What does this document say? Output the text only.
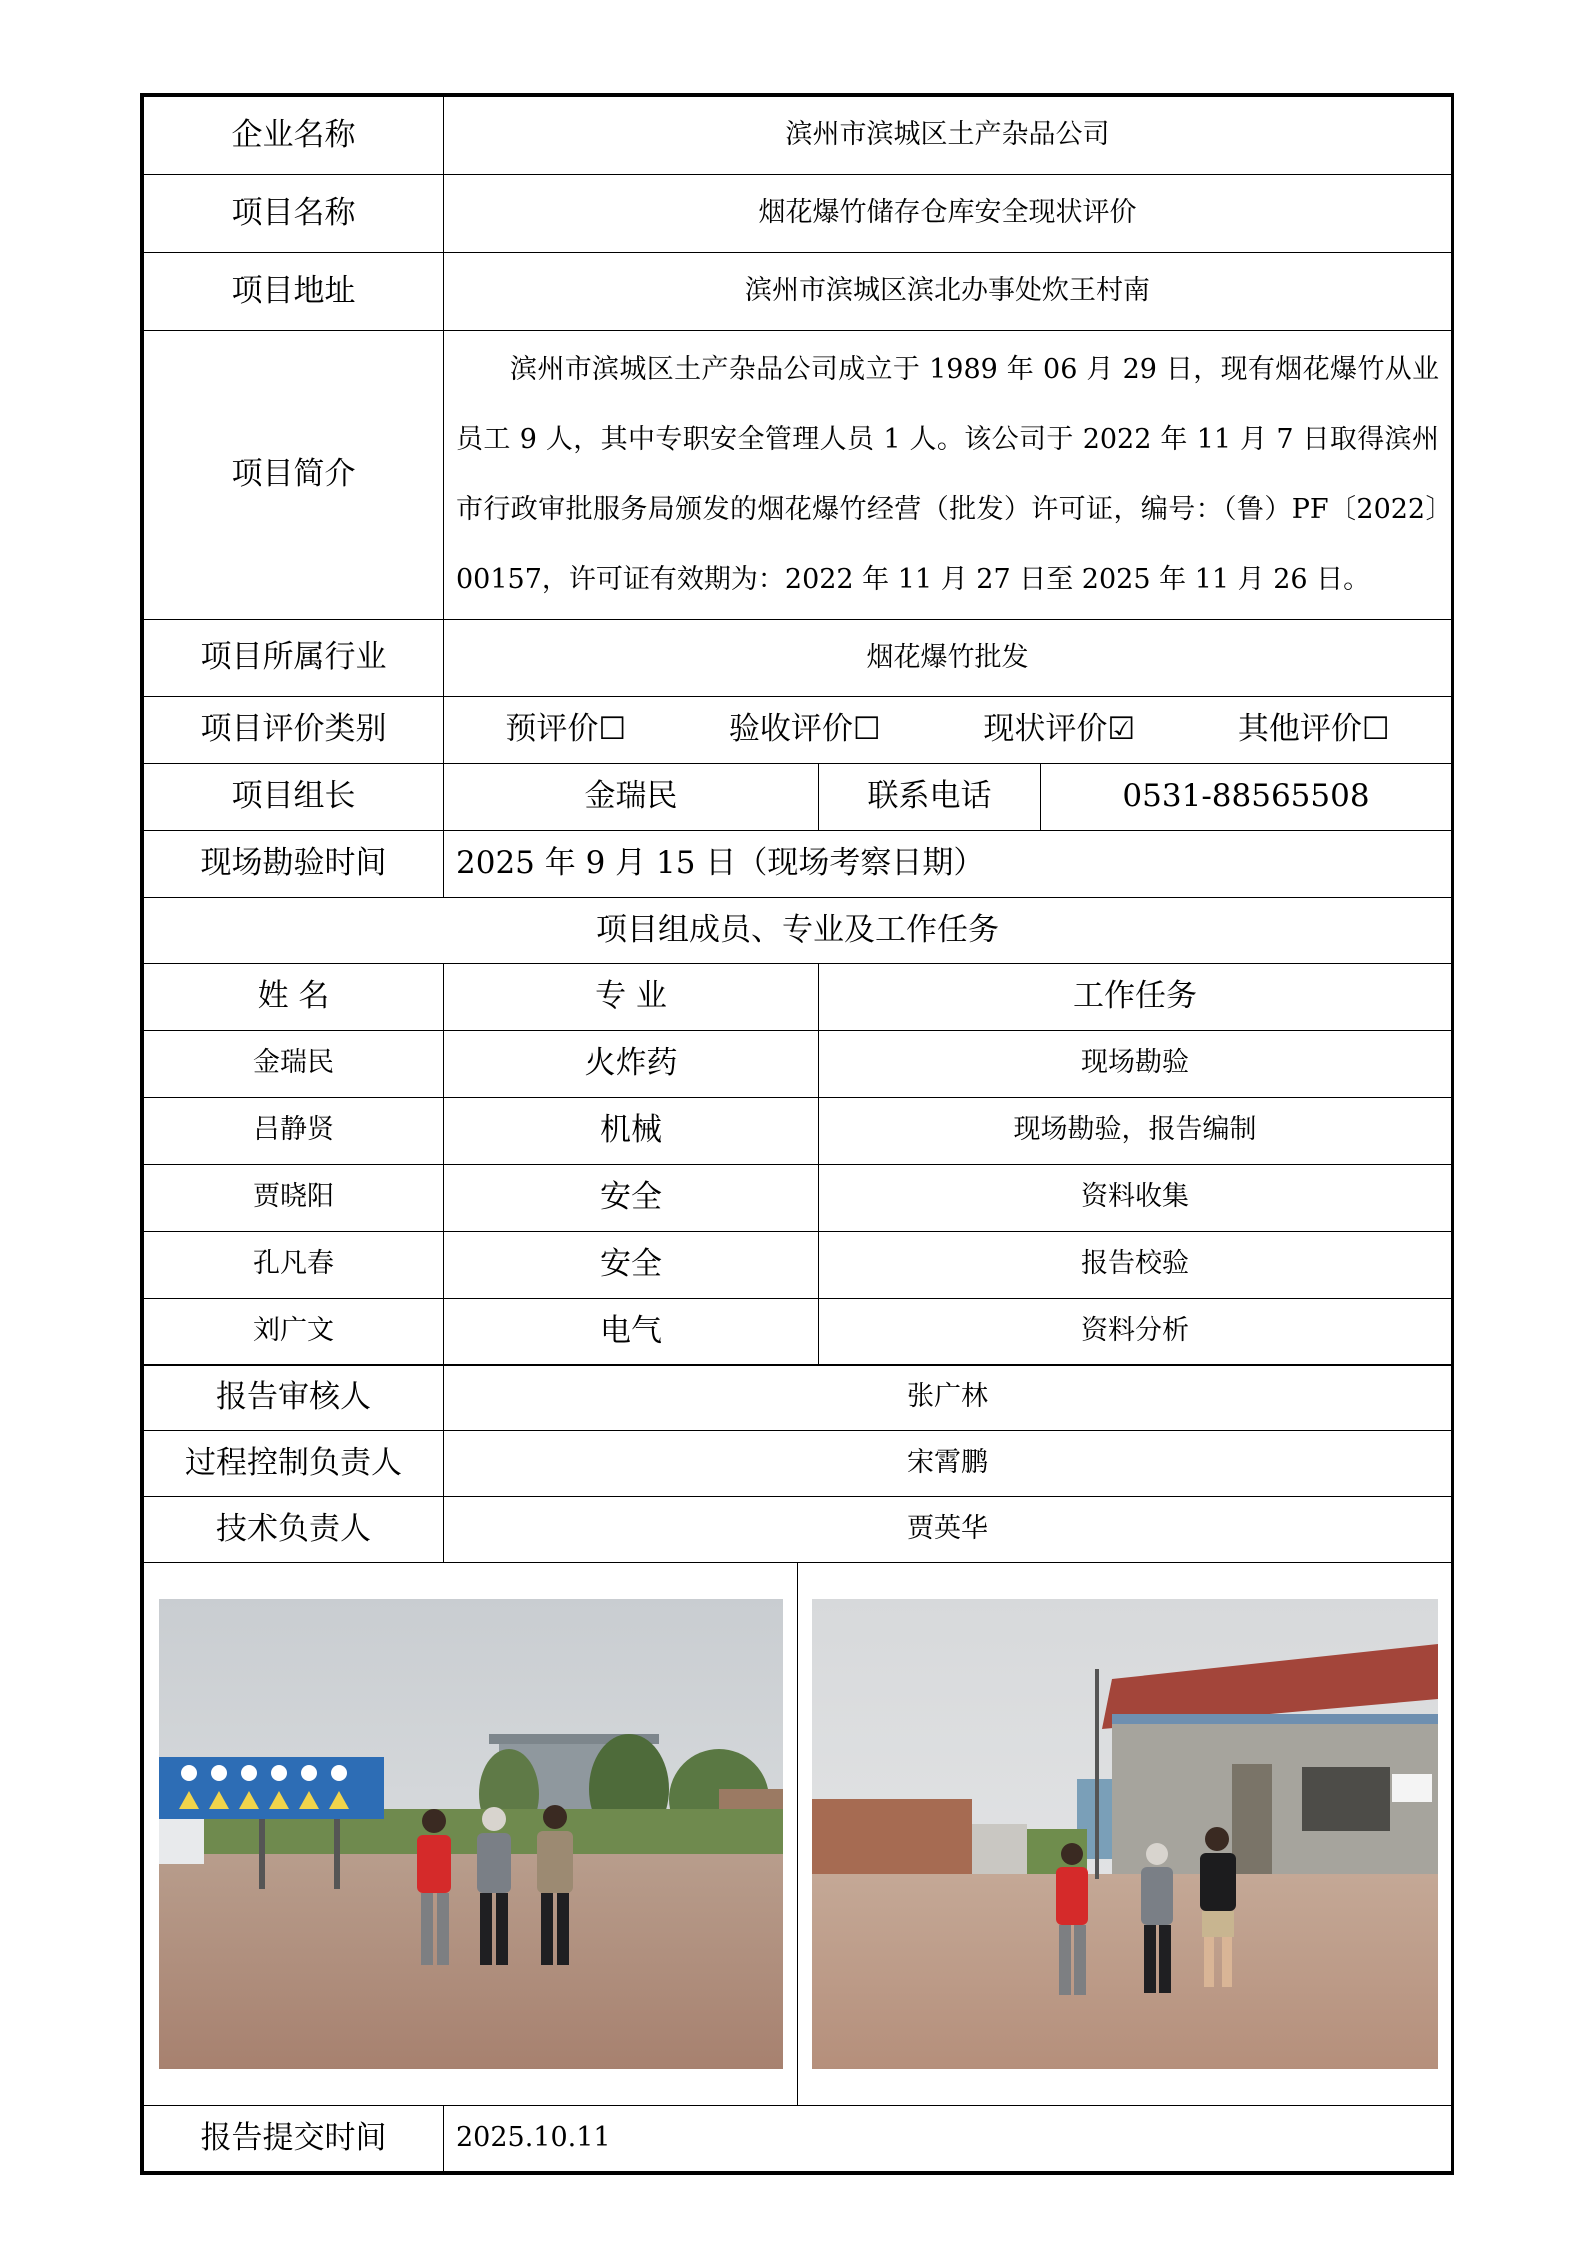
企业名称	滨州市滨城区土产杂品公司		
项目名称	烟花爆竹储存仓库安全现状评价		
项目地址	滨州市滨城区滨北办事处炊王村南		
项目简介	滨州市滨城区土产杂品公司成立于 1989 年 06 月 29 日，现有烟花爆竹从业员工 9 人，其中专职安全管理人员 1 人。该公司于 2022 年 11 月 7 日取得滨州市行政审批服务局颁发的烟花爆竹经营（批发）许可证，编号：（鲁）PF〔2022〕00157，许可证有效期为：2022 年 11 月 27 日至 2025 年 11 月 26 日。		

项目所属行业	烟花爆竹批发		
项目评价类别	预评价☐ 验收评价☐ 现状评价☑ 其他评价☐		

项目组长	金瑞民	联系电话	0531-88565508
现场勘验时间	2025 年 9 月 15 日（现场考察日期）		
项目组成员、专业及工作任务			
姓 名	专 业	工作任务
金瑞民	火炸药	现场勘验
吕静贤	机械	现场勘验，报告编制
贾晓阳	安全	资料收集
孔凡春	安全	报告校验
刘广文	电气	资料分析
报告审核人	张广林
过程控制负责人	宋霄鹏
技术负责人	贾英华

报告提交时间	2025.10.11
